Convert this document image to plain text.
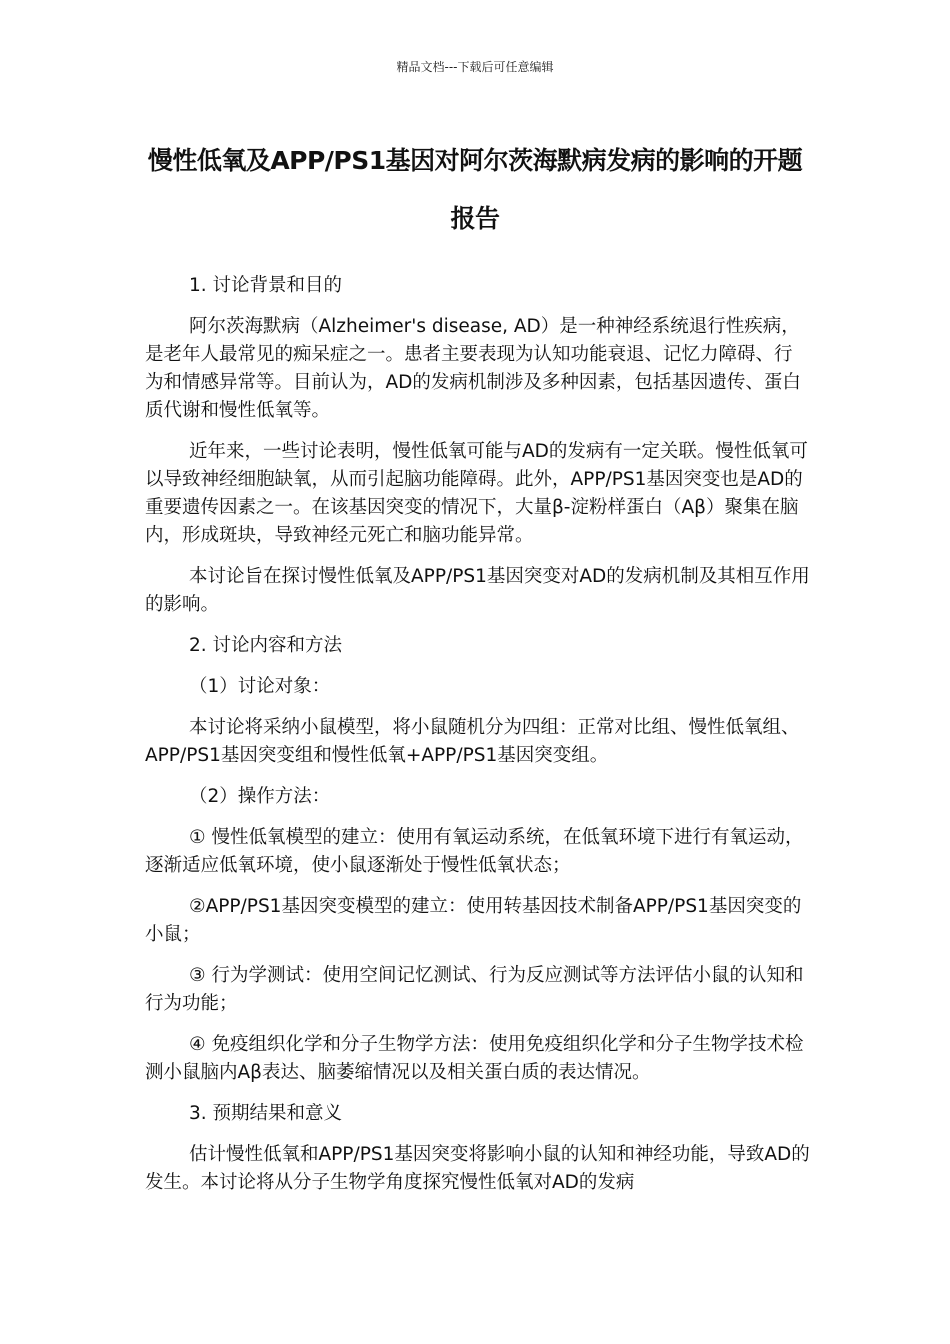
精品文档---下载后可任意编辑
慢性低氧及APP/PS1基因对阿尔茨海默病发病的影响的开题报告

1. 讨论背景和目的

阿尔茨海默病（Alzheimer's disease, AD）是一种神经系统退行性疾病，是老年人最常见的痴呆症之一。患者主要表现为认知功能衰退、记忆力障碍、行为和情感异常等。目前认为，AD的发病机制涉及多种因素，包括基因遗传、蛋白质代谢和慢性低氧等。

近年来，一些讨论表明，慢性低氧可能与AD的发病有一定关联。慢性低氧可以导致神经细胞缺氧，从而引起脑功能障碍。此外，APP/PS1基因突变也是AD的重要遗传因素之一。在该基因突变的情况下，大量β-淀粉样蛋白（Aβ）聚集在脑内，形成斑块，导致神经元死亡和脑功能异常。

本讨论旨在探讨慢性低氧及APP/PS1基因突变对AD的发病机制及其相互作用的影响。

2. 讨论内容和方法

（1）讨论对象：

本讨论将采纳小鼠模型，将小鼠随机分为四组：正常对比组、慢性低氧组、APP/PS1基因突变组和慢性低氧+APP/PS1基因突变组。

（2）操作方法：

① 慢性低氧模型的建立：使用有氧运动系统，在低氧环境下进行有氧运动，逐渐适应低氧环境，使小鼠逐渐处于慢性低氧状态；

②APP/PS1基因突变模型的建立：使用转基因技术制备APP/PS1基因突变的小鼠；

③ 行为学测试：使用空间记忆测试、行为反应测试等方法评估小鼠的认知和行为功能；

④ 免疫组织化学和分子生物学方法：使用免疫组织化学和分子生物学技术检测小鼠脑内Aβ表达、脑萎缩情况以及相关蛋白质的表达情况。

3. 预期结果和意义

估计慢性低氧和APP/PS1基因突变将影响小鼠的认知和神经功能，导致AD的发生。本讨论将从分子生物学角度探究慢性低氧对AD的发病
